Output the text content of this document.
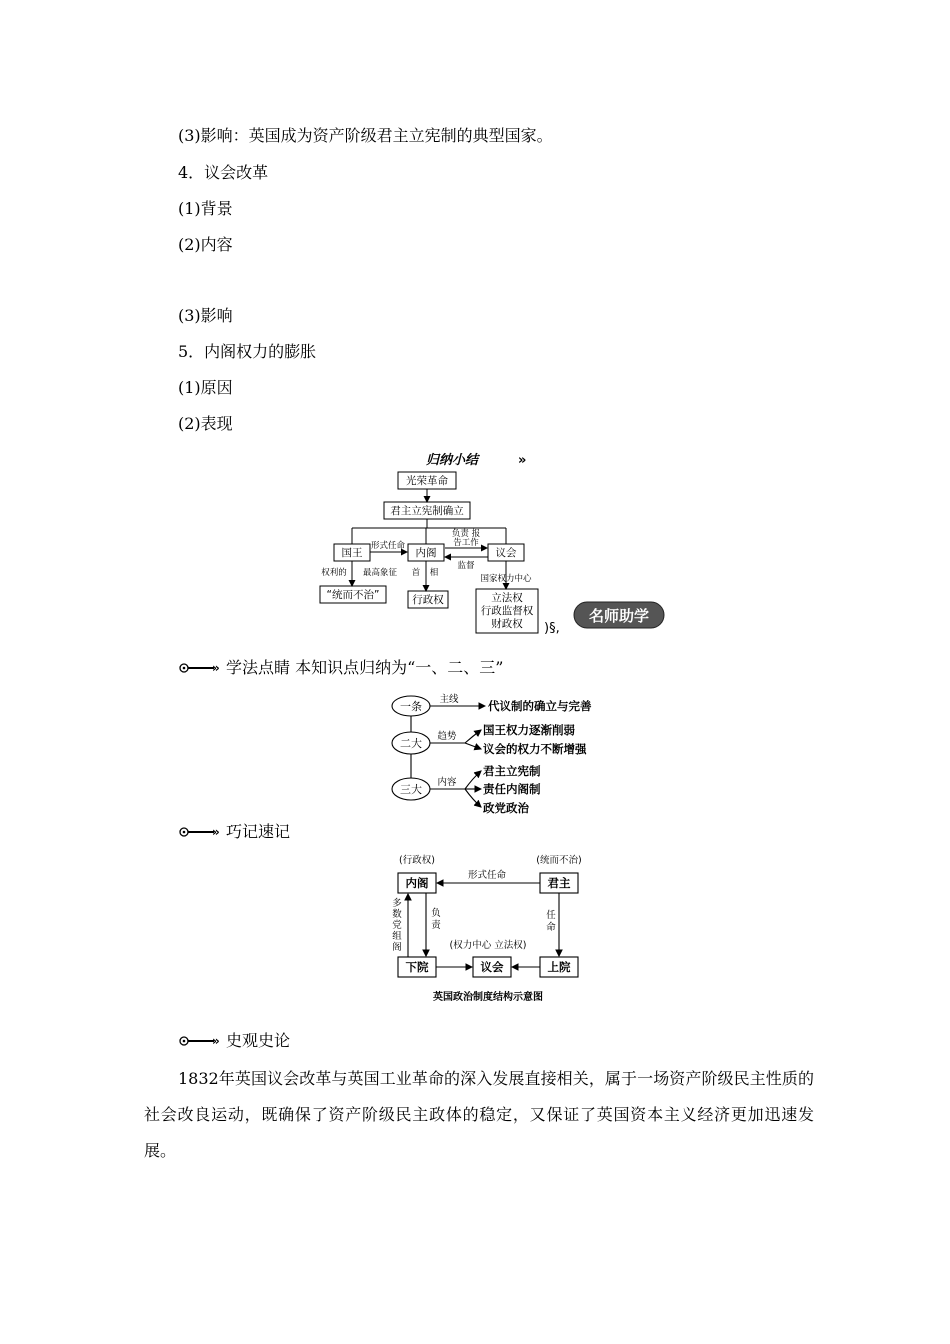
(3)影响：英国成为资产阶级君主立宪制的典型国家。
4．议会改革
(1)背景
(2)内容
(3)影响
5．内阁权力的膨胀
(1)原因
(2)表现
归纳小结	»
光荣革命
君主立宪制确立
国王	内阁	议会
“统而不治”	行政权	立法权
行政监督权
财政权
形式任命
负责 报
告工作
监督
权利的 最高象征 首 相
国家权力中心
)§,
名师助学
» 学法点睛 本知识点归纳为“一、二、三”
一条
二大
三大
主线
趋势
内容
代议制的确立与完善
国王权力逐渐削弱
议会的权力不断增强
君主立宪制
责任内阁制
政党政治
» 巧记速记
(行政权)	(统而不治)
(权力中心 立法权)
内阁	君主
下院	议会	上院
形式任命
多
数
党
组
阁
负
责
任
命
英国政治制度结构示意图
» 史观史论
1832年英国议会改革与英国工业革命的深入发展直接相关，属于一场资产阶级民主性质的社会改良运动，既确保了资产阶级民主政体的稳定，又保证了英国资本主义经济更加迅速发展。
